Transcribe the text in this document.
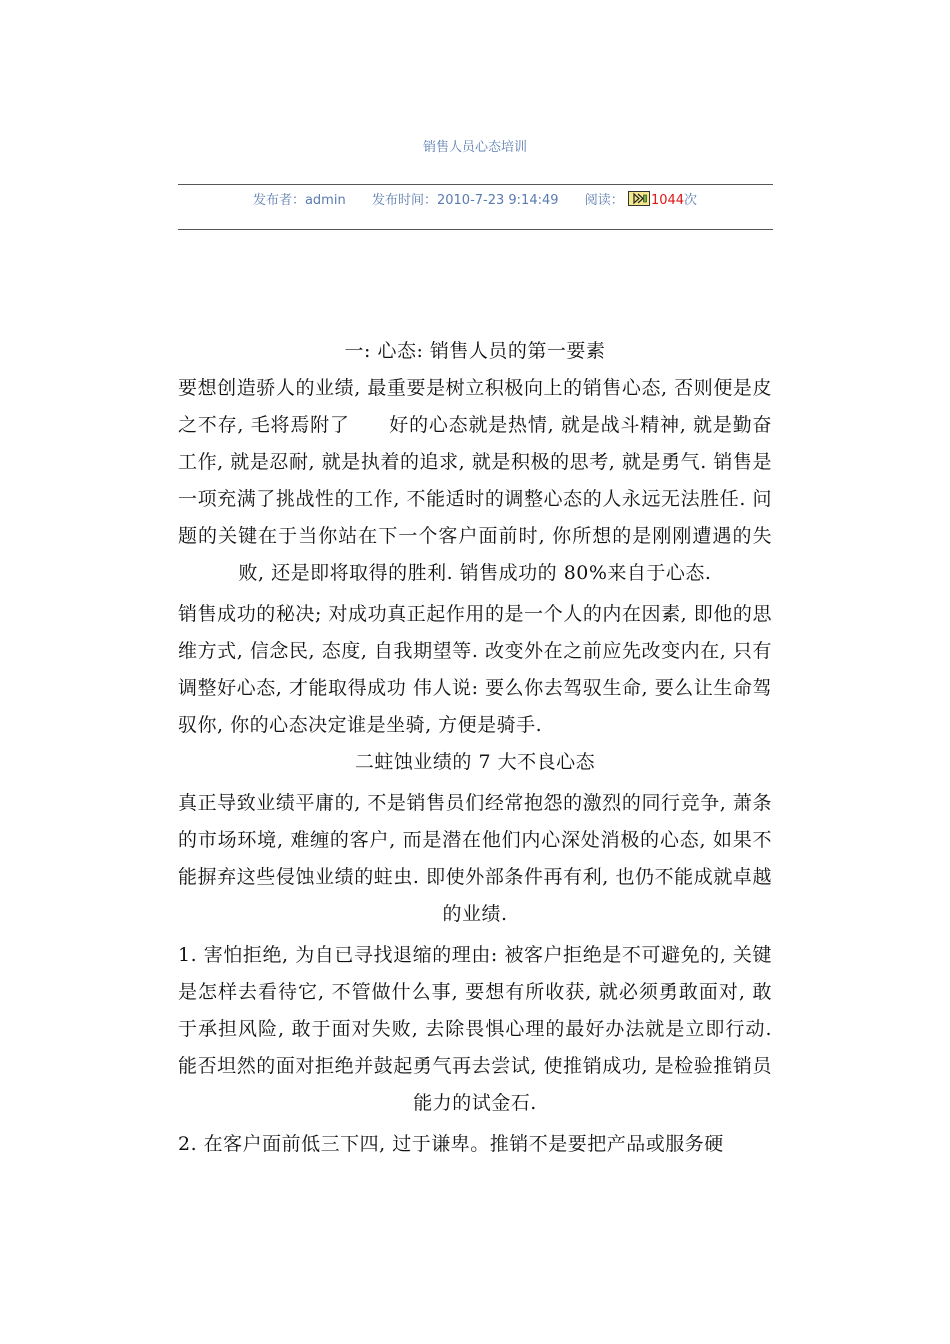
销售人员心态培训
发布者：admin 发布时间：2010-7-23 9:14:49 阅读： 1044次

一: 心态: 销售人员的第一要素

要想创造骄人的业绩, 最重要是树立积极向上的销售心态, 否则便是皮之不存, 毛将焉附了　　好的心态就是热情, 就是战斗精神, 就是勤奋工作, 就是忍耐, 就是执着的追求, 就是积极的思考, 就是勇气. 销售是一项充满了挑战性的工作, 不能适时的调整心态的人永远无法胜任. 问题的关键在于当你站在下一个客户面前时, 你所想的是刚刚遭遇的失败, 还是即将取得的胜利. 销售成功的 80%来自于心态.

销售成功的秘决; 对成功真正起作用的是一个人的内在因素, 即他的思维方式, 信念民, 态度, 自我期望等. 改变外在之前应先改变内在, 只有调整好心态, 才能取得成功 伟人说: 要么你去驾驭生命, 要么让生命驾驭你, 你的心态决定谁是坐骑, 方便是骑手.

二蛀蚀业绩的 7 大不良心态

真正导致业绩平庸的, 不是销售员们经常抱怨的激烈的同行竞争, 萧条的市场环境, 难缠的客户, 而是潜在他们内心深处消极的心态, 如果不能摒弃这些侵蚀业绩的蛀虫. 即使外部条件再有利, 也仍不能成就卓越的业绩.

1. 害怕拒绝, 为自已寻找退缩的理由: 被客户拒绝是不可避免的, 关键是怎样去看待它, 不管做什么事, 要想有所收获, 就必须勇敢面对, 敢于承担风险, 敢于面对失败, 去除畏惧心理的最好办法就是立即行动. 能否坦然的面对拒绝并鼓起勇气再去尝试, 使推销成功, 是检验推销员能力的试金石.

2. 在客户面前低三下四, 过于谦卑。推销不是要把产品或服务硬
